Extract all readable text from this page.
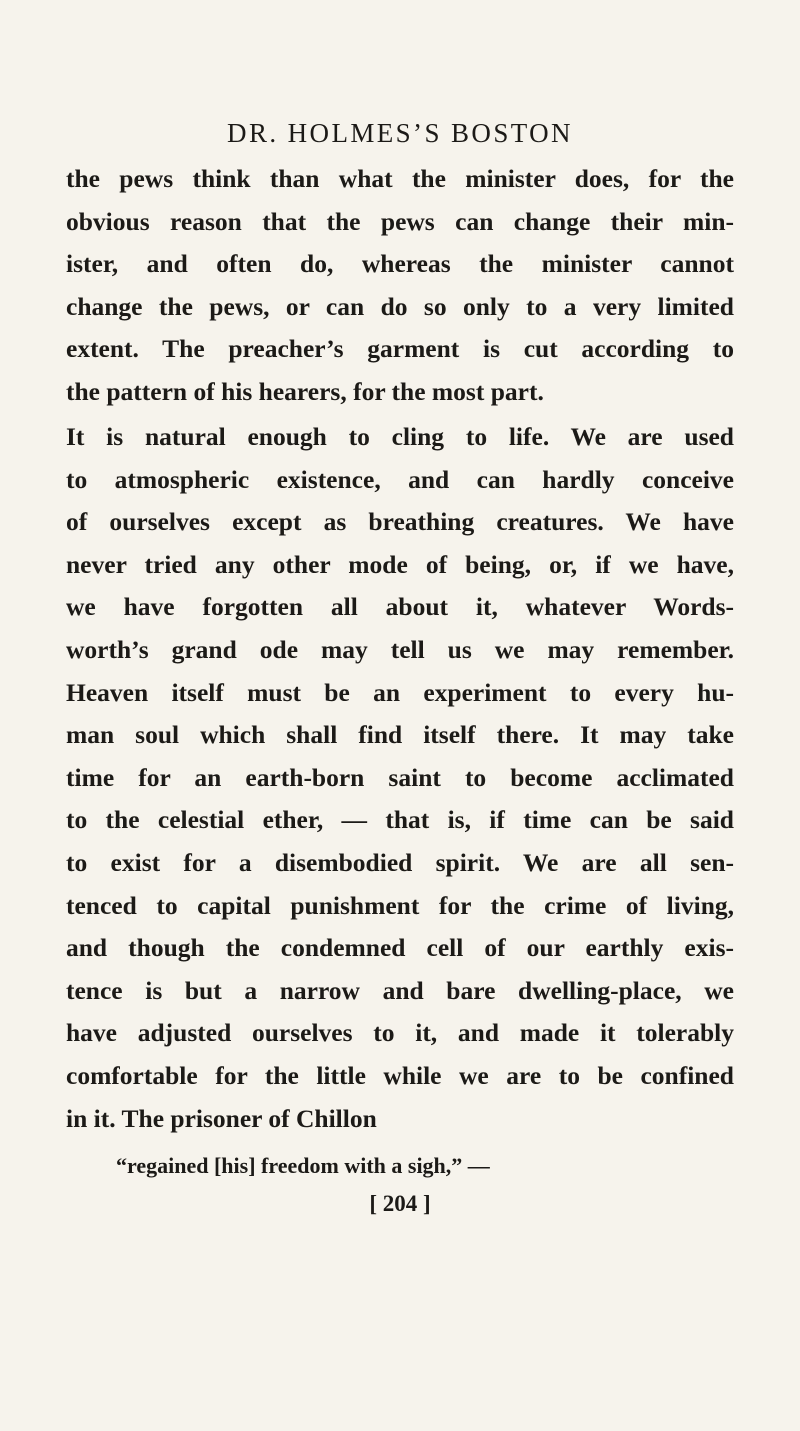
DR. HOLMES’S BOSTON
the pews think than what the minister does, for the
obvious reason that the pews can change their min-
ister, and often do, whereas the minister cannot
change the pews, or can do so only to a very limited
extent. The preacher’s garment is cut according to
the pattern of his hearers, for the most part.
It is natural enough to cling to life. We are used
to atmospheric existence, and can hardly conceive
of ourselves except as breathing creatures. We have
never tried any other mode of being, or, if we have,
we have forgotten all about it, whatever Words-
worth’s grand ode may tell us we may remember.
Heaven itself must be an experiment to every hu-
man soul which shall find itself there. It may take
time for an earth-born saint to become acclimated
to the celestial ether, — that is, if time can be said
to exist for a disembodied spirit. We are all sen-
tenced to capital punishment for the crime of living,
and though the condemned cell of our earthly exis-
tence is but a narrow and bare dwelling-place, we
have adjusted ourselves to it, and made it tolerably
comfortable for the little while we are to be confined
in it. The prisoner of Chillon
“regained [his] freedom with a sigh,” —
[ 204 ]
